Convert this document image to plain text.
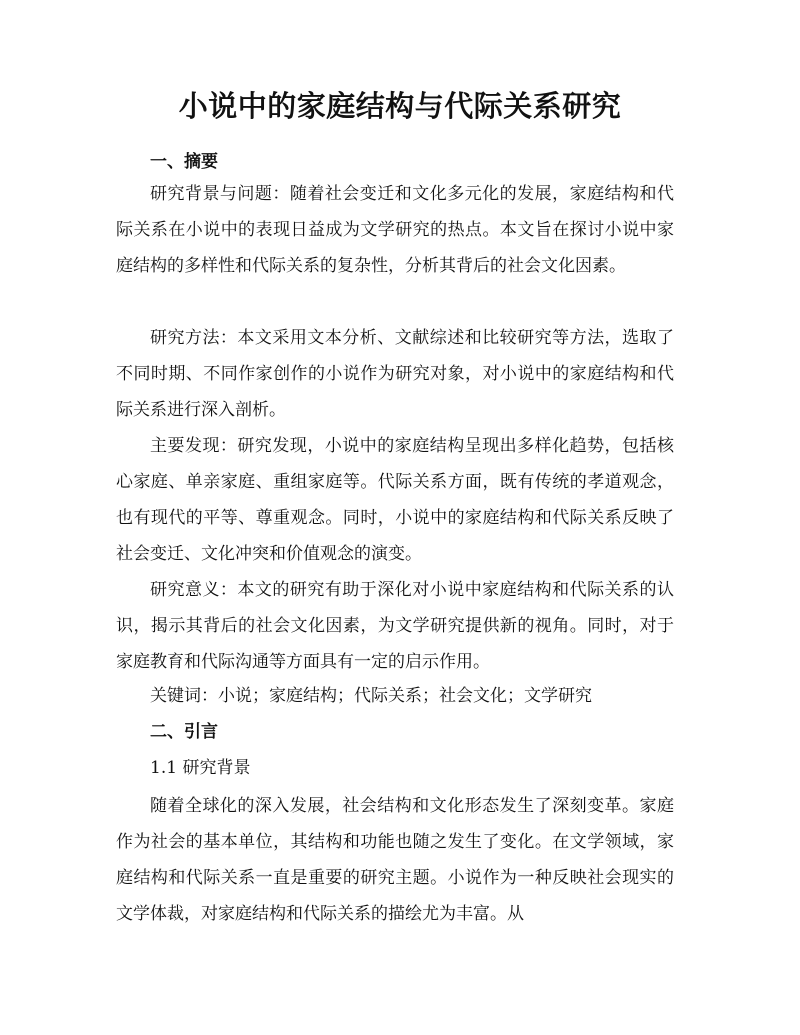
小说中的家庭结构与代际关系研究
一、摘要

研究背景与问题：随着社会变迁和文化多元化的发展，家庭结构和代际关系在小说中的表现日益成为文学研究的热点。本文旨在探讨小说中家庭结构的多样性和代际关系的复杂性，分析其背后的社会文化因素。

研究方法：本文采用文本分析、文献综述和比较研究等方法，选取了不同时期、不同作家创作的小说作为研究对象，对小说中的家庭结构和代际关系进行深入剖析。

主要发现：研究发现，小说中的家庭结构呈现出多样化趋势，包括核心家庭、单亲家庭、重组家庭等。代际关系方面，既有传统的孝道观念，也有现代的平等、尊重观念。同时，小说中的家庭结构和代际关系反映了社会变迁、文化冲突和价值观念的演变。

研究意义：本文的研究有助于深化对小说中家庭结构和代际关系的认识，揭示其背后的社会文化因素，为文学研究提供新的视角。同时，对于家庭教育和代际沟通等方面具有一定的启示作用。

关键词：小说；家庭结构；代际关系；社会文化；文学研究
二、引言
1.1 研究背景

随着全球化的深入发展，社会结构和文化形态发生了深刻变革。家庭作为社会的基本单位，其结构和功能也随之发生了变化。在文学领域，家庭结构和代际关系一直是重要的研究主题。小说作为一种反映社会现实的文学体裁，对家庭结构和代际关系的描绘尤为丰富。从
